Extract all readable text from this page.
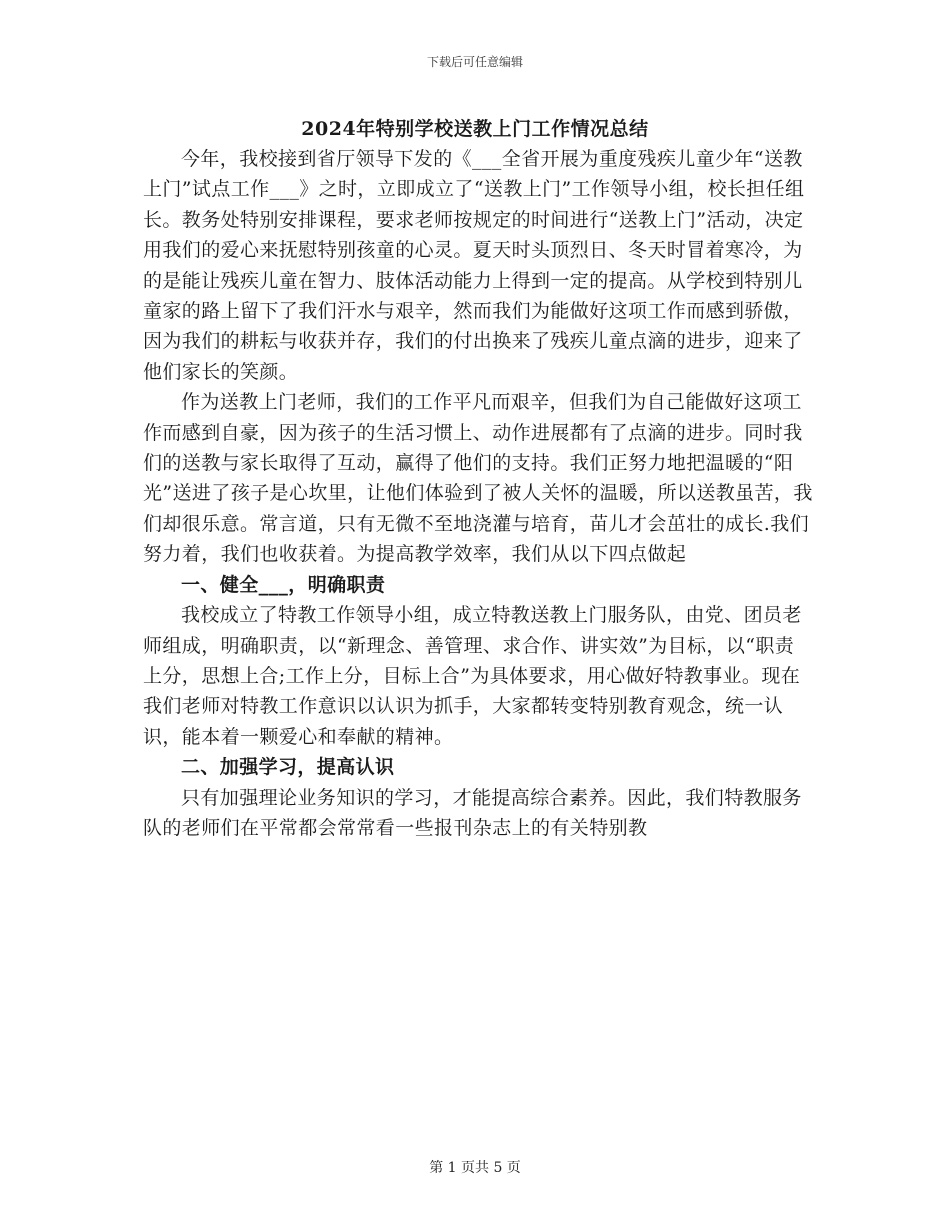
下载后可任意编辑
2024年特别学校送教上门工作情况总结

今年，我校接到省厅领导下发的《___全省开展为重度残疾儿童少年“送教上门”试点工作___》之时，立即成立了“送教上门”工作领导小组，校长担任组长。教务处特别安排课程，要求老师按规定的时间进行“送教上门”活动，决定用我们的爱心来抚慰特别孩童的心灵。夏天时头顶烈日、冬天时冒着寒冷，为的是能让残疾儿童在智力、肢体活动能力上得到一定的提高。从学校到特别儿童家的路上留下了我们汗水与艰辛，然而我们为能做好这项工作而感到骄傲，因为我们的耕耘与收获并存，我们的付出换来了残疾儿童点滴的进步，迎来了他们家长的笑颜。

作为送教上门老师，我们的工作平凡而艰辛，但我们为自己能做好这项工作而感到自豪，因为孩子的生活习惯上、动作进展都有了点滴的进步。同时我们的送教与家长取得了互动，赢得了他们的支持。我们正努力地把温暖的“阳光”送进了孩子是心坎里，让他们体验到了被人关怀的温暖，所以送教虽苦，我们却很乐意。常言道，只有无微不至地浇灌与培育，苗儿才会茁壮的成长.我们努力着，我们也收获着。为提高教学效率，我们从以下四点做起

一、健全___，明确职责

我校成立了特教工作领导小组，成立特教送教上门服务队，由党、团员老师组成，明确职责，以“新理念、善管理、求合作、讲实效”为目标，以“职责上分，思想上合;工作上分，目标上合”为具体要求，用心做好特教事业。现在我们老师对特教工作意识以认识为抓手，大家都转变特别教育观念，统一认识，能本着一颗爱心和奉献的精神。

二、加强学习，提高认识

只有加强理论业务知识的学习，才能提高综合素养。因此，我们特教服务队的老师们在平常都会常常看一些报刊杂志上的有关特别教

第 1 页共 5 页
